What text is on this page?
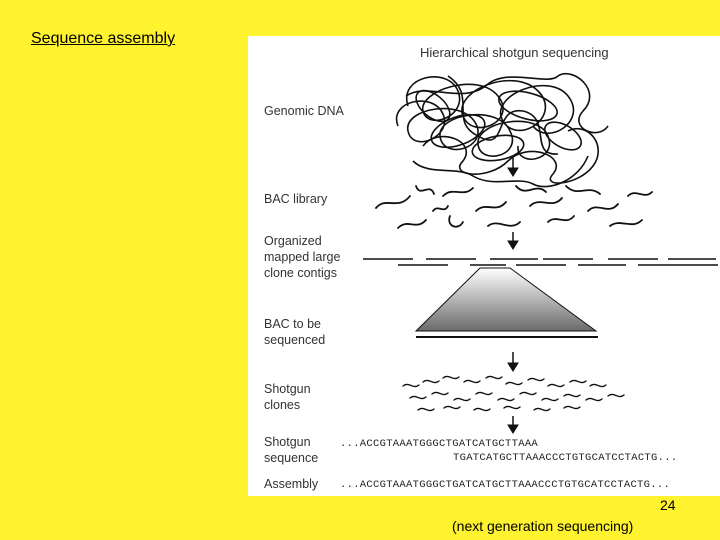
Sequence assembly
Hierarchical shotgun sequencing
Genomic DNA
BAC library
Organized
mapped large
clone contigs
BAC to be
sequenced
Shotgun
clones
Shotgun
sequence
Assembly
...ACCGTAAATGGGCTGATCATGCTTAAA
TGATCATGCTTAAACCCTGTGCATCCTACTG...
...ACCGTAAATGGGCTGATCATGCTTAAACCCTGTGCATCCTACTG...
24
(next generation sequencing)
